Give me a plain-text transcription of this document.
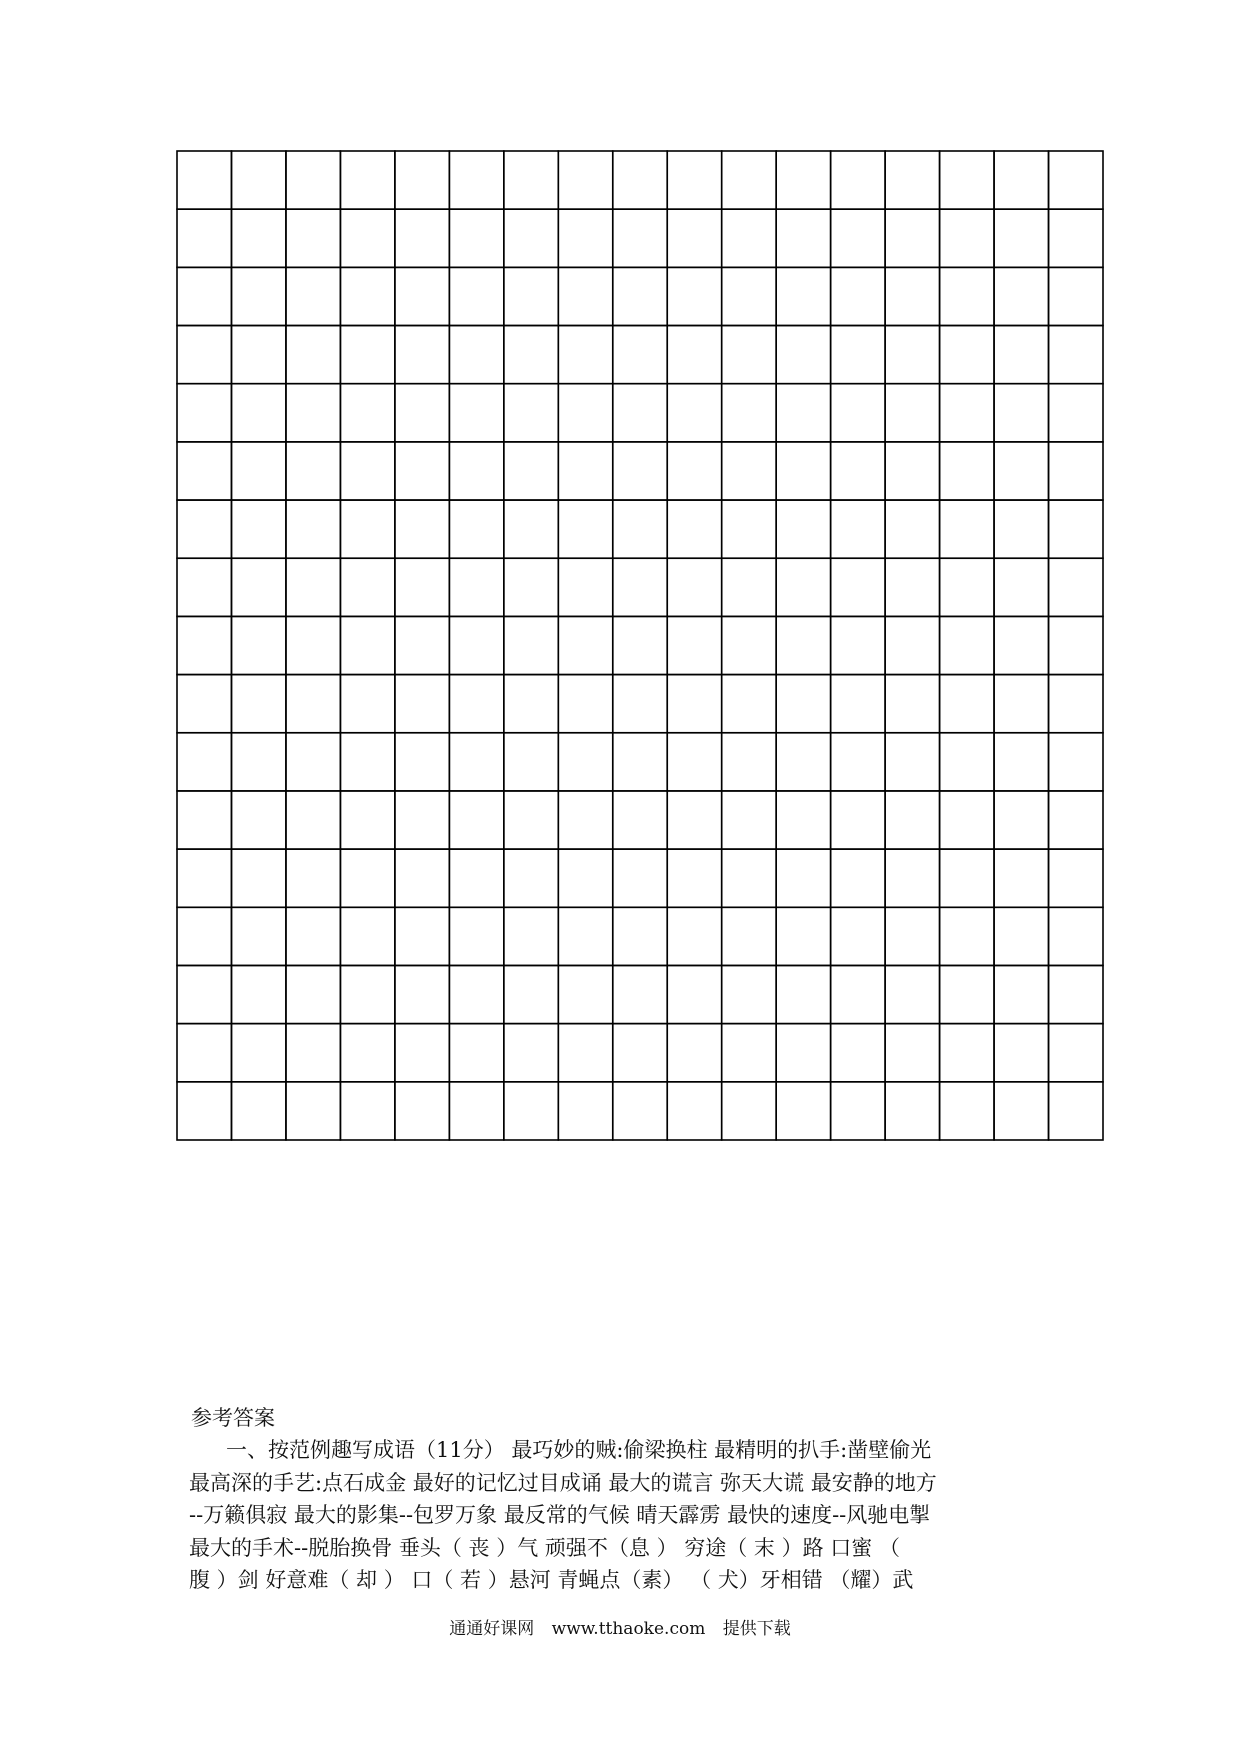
参考答案
一、按范例趣写成语（11分） 最巧妙的贼:偷梁换柱 最精明的扒手:凿壁偷光
最高深的手艺:点石成金 最好的记忆过目成诵 最大的谎言 弥天大谎 最安静的地方
--万籁俱寂 最大的影集--包罗万象 最反常的气候 晴天霹雳 最快的速度--风驰电掣
最大的手术--脱胎换骨 垂头（ 丧 ）气 顽强不（息 ） 穷途（ 末 ）路 口蜜 （
腹 ）剑 好意难（ 却 ） 口（ 若 ）悬河 青蝇点（素） （ 犬）牙相错 （耀）武
通通好课网 www.tthaoke.com 提供下载
